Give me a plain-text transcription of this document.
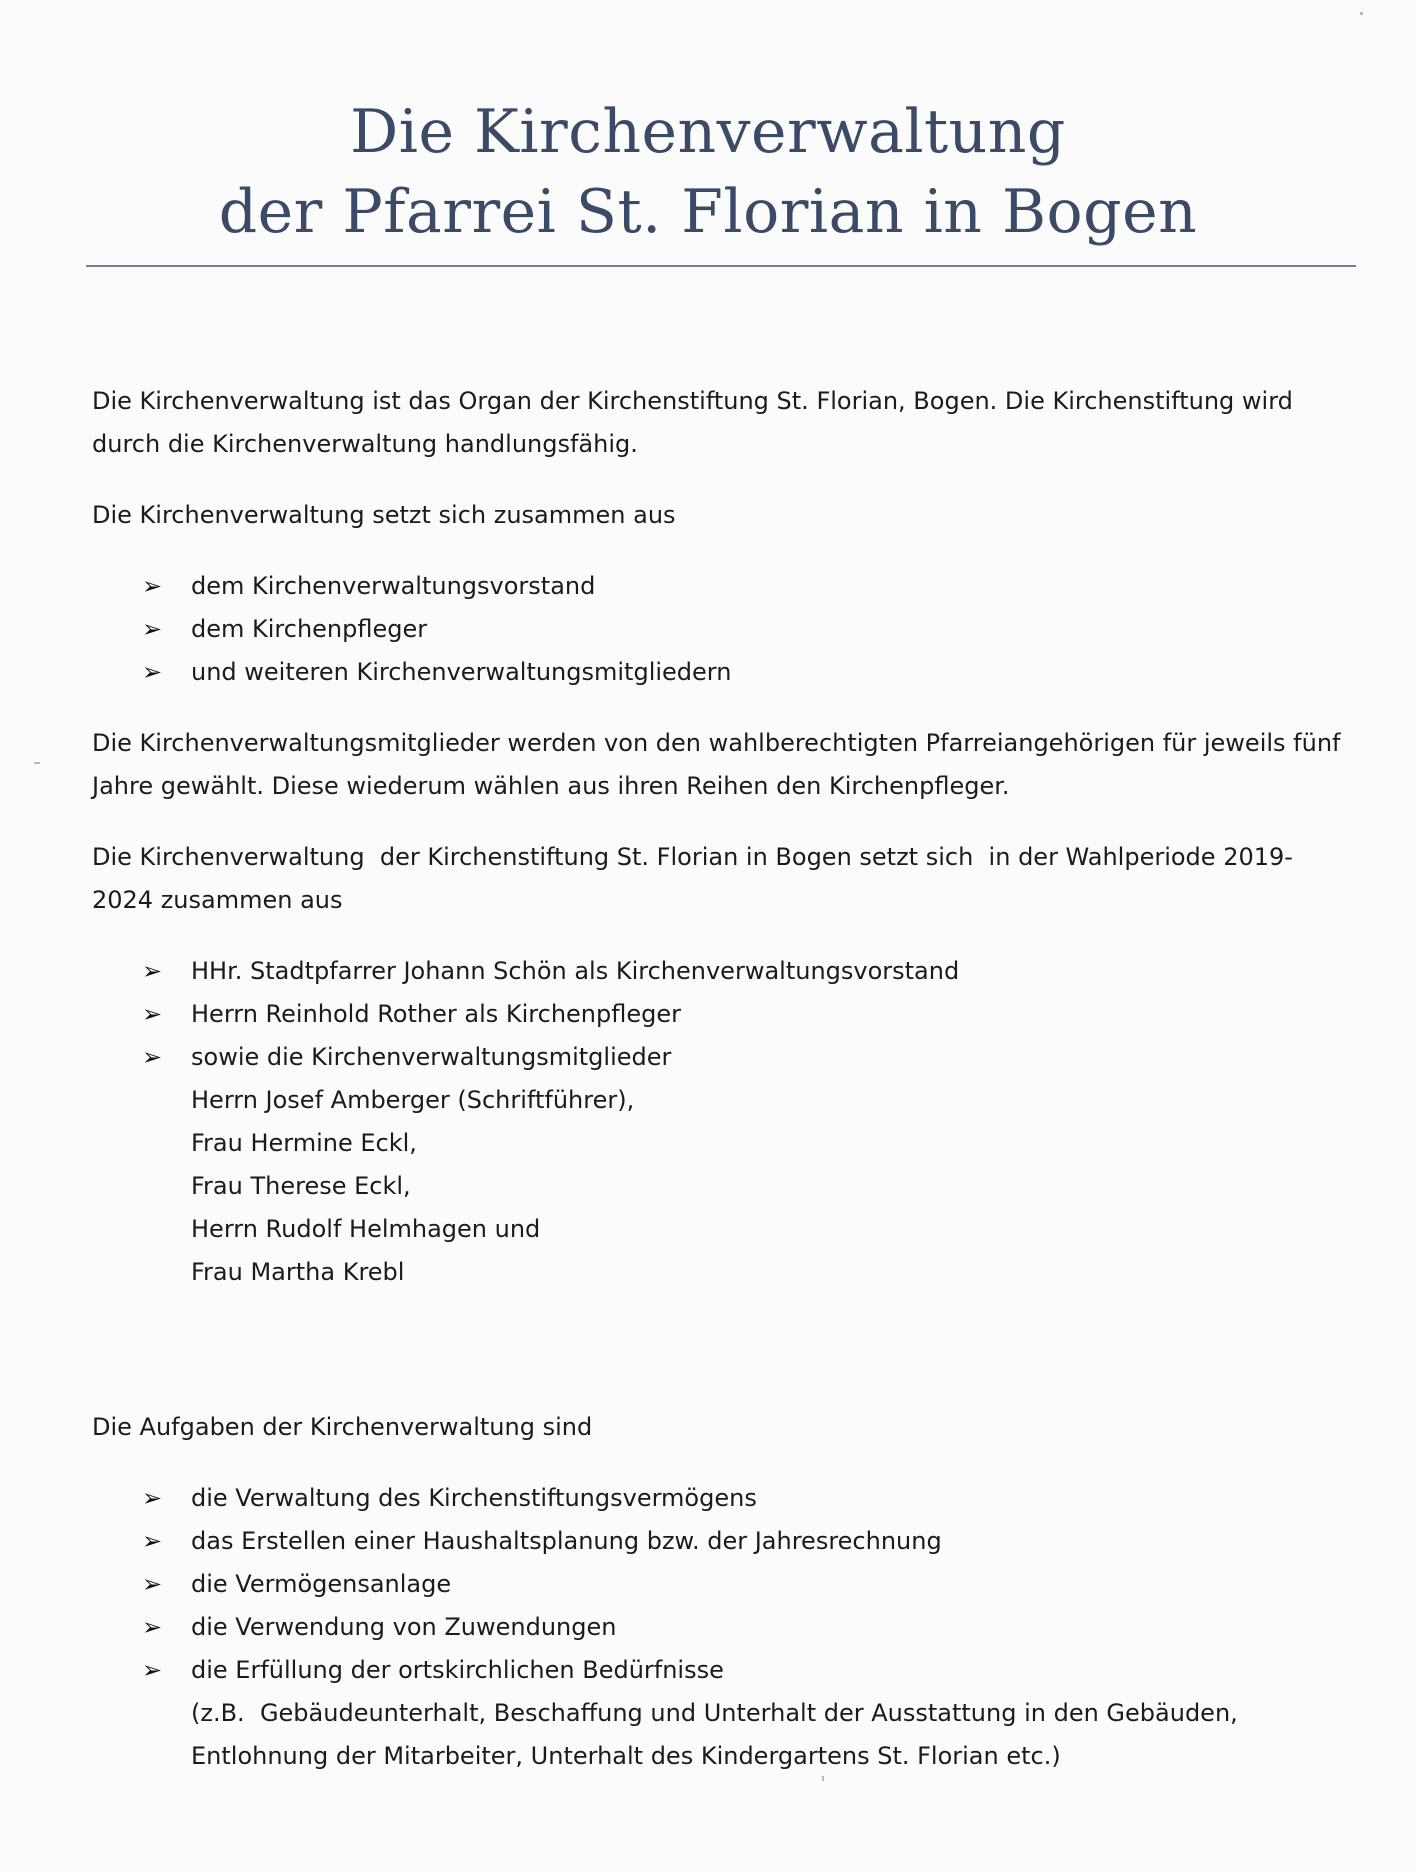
Die Kirchenverwaltung
der Pfarrei St. Florian in Bogen

Die Kirchenverwaltung ist das Organ der Kirchenstiftung St. Florian, Bogen. Die Kirchenstiftung wird durch die Kirchenverwaltung handlungsfähig.

Die Kirchenverwaltung setzt sich zusammen aus

➢ dem Kirchenverwaltungsvorstand
➢ dem Kirchenpfleger
➢ und weiteren Kirchenverwaltungsmitgliedern

Die Kirchenverwaltungsmitglieder werden von den wahlberechtigten Pfarreiangehörigen für jeweils fünf Jahre gewählt. Diese wiederum wählen aus ihren Reihen den Kirchenpfleger.

Die Kirchenverwaltung  der Kirchenstiftung St. Florian in Bogen setzt sich  in der Wahlperiode 2019-
2024 zusammen aus

➢ HHr. Stadtpfarrer Johann Schön als Kirchenverwaltungsvorstand
➢ Herrn Reinhold Rother als Kirchenpfleger
➢ sowie die Kirchenverwaltungsmitglieder
Herrn Josef Amberger (Schriftführer),
Frau Hermine Eckl,
Frau Therese Eckl,
Herrn Rudolf Helmhagen und
Frau Martha Krebl

Die Aufgaben der Kirchenverwaltung sind

➢ die Verwaltung des Kirchenstiftungsvermögens
➢ das Erstellen einer Haushaltsplanung bzw. der Jahresrechnung
➢ die Vermögensanlage
➢ die Verwendung von Zuwendungen
➢ die Erfüllung der ortskirchlichen Bedürfnisse
(z.B.  Gebäudeunterhalt, Beschaffung und Unterhalt der Ausstattung in den Gebäuden,
Entlohnung der Mitarbeiter, Unterhalt des Kindergartens St. Florian etc.)
